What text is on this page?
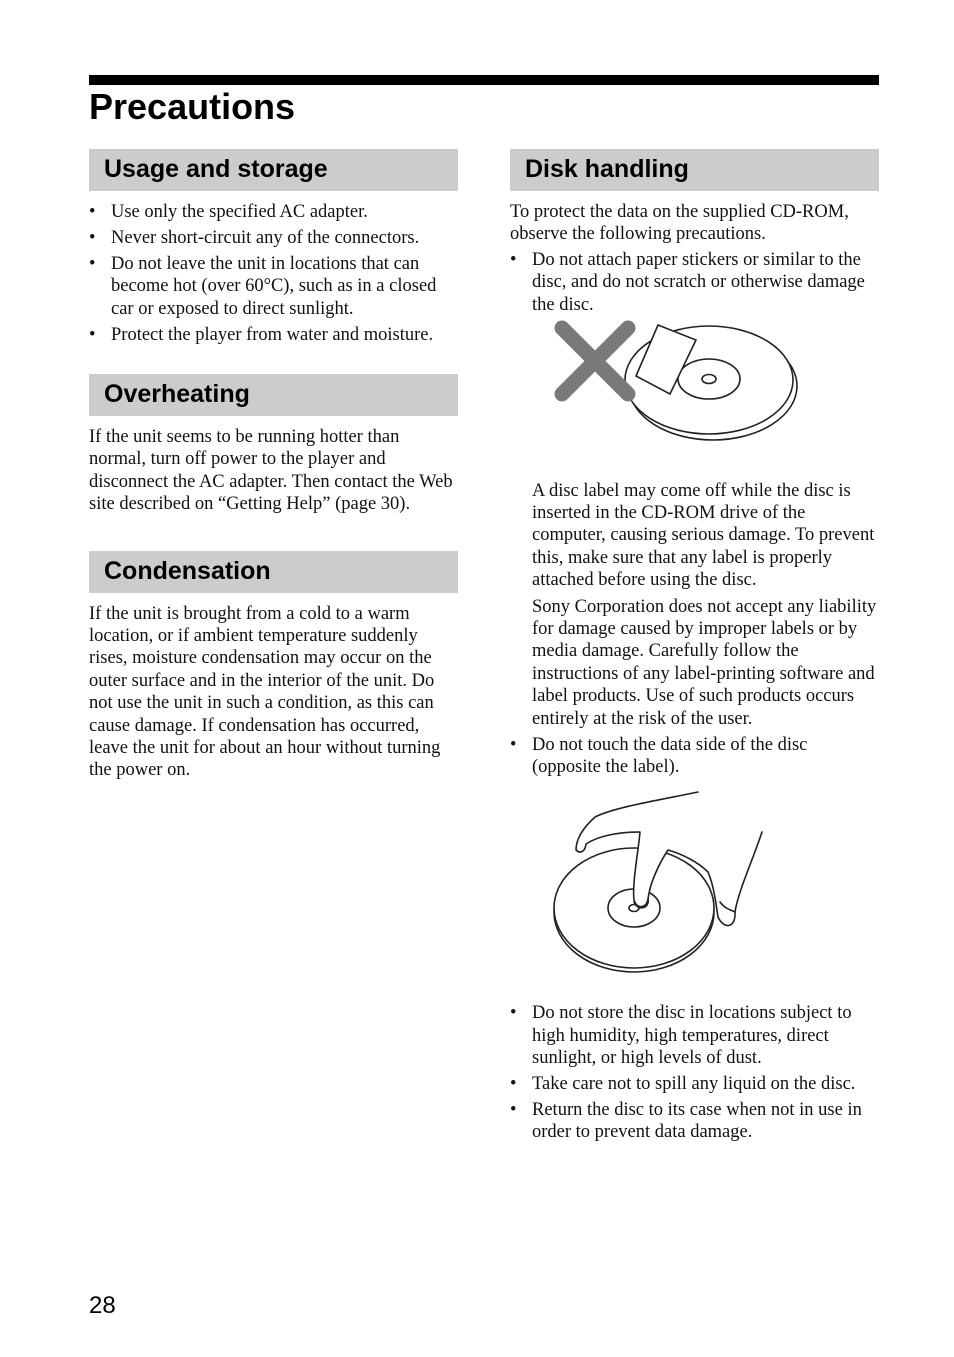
Precautions
Usage and storage
• Use only the specified AC adapter.
• Never short-circuit any of the connectors.
• Do not leave the unit in locations that can become hot (over 60°C), such as in a closed car or exposed to direct sunlight.
• Protect the player from water and moisture.
Overheating

If the unit seems to be running hotter than normal, turn off power to the player and disconnect the AC adapter. Then contact the Web site described on “Getting Help” (page 30).

Condensation

If the unit is brought from a cold to a warm location, or if ambient temperature suddenly rises, moisture condensation may occur on the outer surface and in the interior of the unit. Do not use the unit in such a condition, as this can cause damage. If condensation has occurred, leave the unit for about an hour without turning the power on.

Disk handling

To protect the data on the supplied CD-ROM, observe the following precautions.

• Do not attach paper stickers or similar to the disc, and do not scratch or otherwise damage the disc.

A disc label may come off while the disc is inserted in the CD-ROM drive of the computer, causing serious damage. To prevent this, make sure that any label is properly attached before using the disc.

Sony Corporation does not accept any liability for damage caused by improper labels or by media damage. Carefully follow the instructions of any label-printing software and label products. Use of such products occurs entirely at the risk of the user.

• Do not touch the data side of the disc (opposite the label).
• Do not store the disc in locations subject to high humidity, high temperatures, direct sunlight, or high levels of dust.
• Take care not to spill any liquid on the disc.
• Return the disc to its case when not in use in order to prevent data damage.
28
